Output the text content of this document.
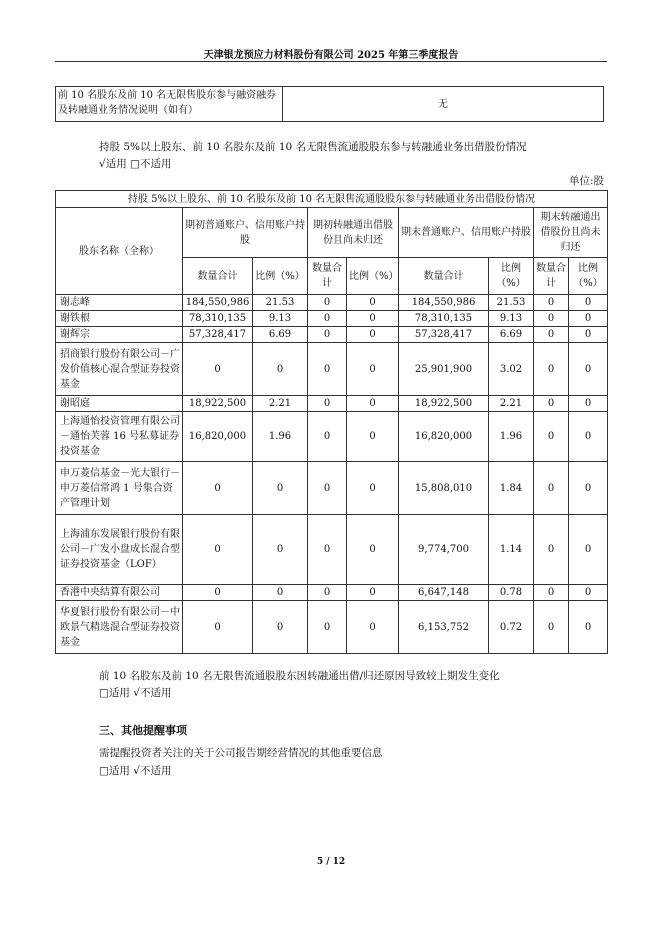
天津银龙预应力材料股份有限公司 2025 年第三季度报告
前 10 名股东及前 10 名无限售股东参与融资融券及转融通业务情况说明（如有）	无
持股 5%以上股东、前 10 名股东及前 10 名无限售流通股股东参与转融通业务出借股份情况
√适用 □不适用
单位:股
持股 5%以上股东、前 10 名股东及前 10 名无限售流通股股东参与转融通业务出借股份情况								
股东名称（全称）	期初普通账户、信用账户持股		期初转融通出借股份且尚未归还		期末普通账户、信用账户持股		期末转融通出借股份且尚未归还	
	数量合计	比例（%）	数量合计	比例（%）	数量合计	比例（%）	数量合计	比例（%）
谢志峰	184,550,986	21.53	0	0	184,550,986	21.53	0	0
谢铁根	78,310,135	9.13	0	0	78,310,135	9.13	0	0
谢辉宗	57,328,417	6.69	0	0	57,328,417	6.69	0	0
招商银行股份有限公司－广发价值核心混合型证券投资基金	0	0	0	0	25,901,900	3.02	0	0
谢昭庭	18,922,500	2.21	0	0	18,922,500	2.21	0	0
上海通怡投资管理有限公司－通怡芙蓉 16 号私募证券投资基金	16,820,000	1.96	0	0	16,820,000	1.96	0	0
申万菱信基金－光大银行－申万菱信常鸿 1 号集合资产管理计划	0	0	0	0	15,808,010	1.84	0	0
上海浦东发展银行股份有限公司－广发小盘成长混合型证券投资基金（LOF）	0	0	0	0	9,774,700	1.14	0	0
香港中央结算有限公司	0	0	0	0	6,647,148	0.78	0	0
华夏银行股份有限公司－中欧景气精选混合型证券投资基金	0	0	0	0	6,153,752	0.72	0	0
前 10 名股东及前 10 名无限售流通股股东因转融通出借/归还原因导致较上期发生变化
□适用 √不适用
三、其他提醒事项
需提醒投资者关注的关于公司报告期经营情况的其他重要信息
□适用 √不适用
5 / 12
